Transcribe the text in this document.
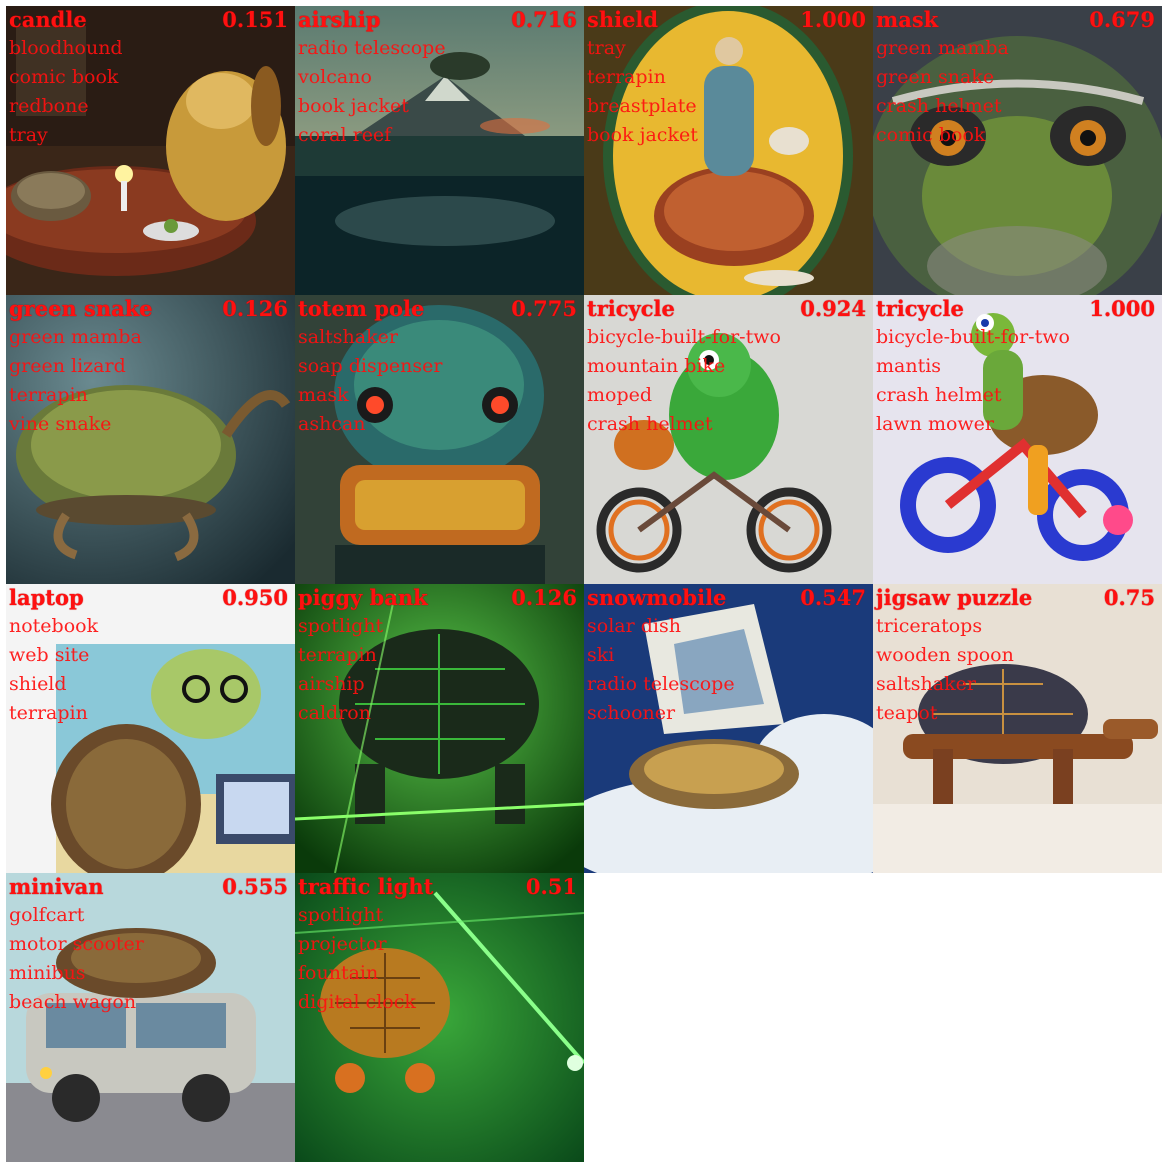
candle	0.151
bloodhound
comic book
redbone
tray
airship	0.716
radio telescope
volcano
book jacket
coral reef
shield	1.000
tray
terrapin
breastplate
book jacket
mask	0.679
green mamba
green snake
crash helmet
comic book
green snake	0.126
green mamba
green lizard
terrapin
vine snake
totem pole	0.775
saltshaker
soap dispenser
mask
ashcan
tricycle	0.924
bicycle-built-for-two
mountain bike
moped
crash helmet
tricycle	1.000
bicycle-built-for-two
mantis
crash helmet
lawn mower
laptop	0.950
notebook
web site
shield
terrapin
piggy bank	0.126
spotlight
terrapin
airship
caldron
snowmobile	0.547
solar dish
ski
radio telescope
schooner
jigsaw puzzle	0.75
triceratops
wooden spoon
saltshaker
teapot
minivan	0.555
golfcart
motor scooter
minibus
beach wagon
traffic light	0.51
spotlight
projector
fountain
digital clock
